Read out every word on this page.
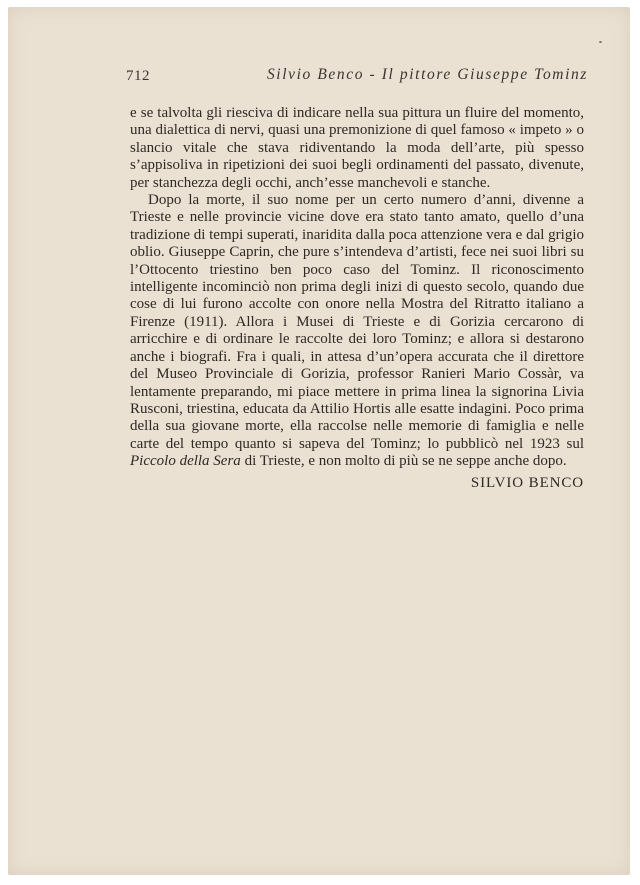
712	Silvio Benco - Il pittore Giuseppe Tominz

e se talvolta gli riesciva di indicare nella sua pittura un fluire del momento, una dialettica di nervi, quasi una premonizione di quel famoso « impeto » o slancio vitale che stava ridiventando la moda dell’arte, più spesso s’appisoliva in ripetizioni dei suoi begli ordinamenti del passato, divenute, per stanchezza degli occhi, anch’esse manchevoli e stanche.

Dopo la morte, il suo nome per un certo numero d’anni, divenne a Trieste e nelle provincie vicine dove era stato tanto amato, quello d’una tradizione di tempi superati, inaridita dalla poca attenzione vera e dal grigio oblio. Giuseppe Caprin, che pure s’intendeva d’artisti, fece nei suoi libri su l’Ottocento triestino ben poco caso del Tominz. Il riconoscimento intelligente incominciò non prima degli inizi di questo secolo, quando due cose di lui furono accolte con onore nella Mostra del Ritratto italiano a Firenze (1911). Allora i Musei di Trieste e di Gorizia cercarono di arricchire e di ordinare le raccolte dei loro Tominz; e allora si destarono anche i biografi. Fra i quali, in attesa d’un’opera accurata che il direttore del Museo Provinciale di Gorizia, professor Ranieri Mario Cossàr, va lentamente preparando, mi piace mettere in prima linea la signorina Livia Rusconi, triestina, educata da Attilio Hortis alle esatte indagini. Poco prima della sua giovane morte, ella raccolse nelle memorie di famiglia e nelle carte del tempo quanto si sapeva del Tominz; lo pubblicò nel 1923 sul Piccolo della Sera di Trieste, e non molto di più se ne seppe anche dopo.

SILVIO BENCO
